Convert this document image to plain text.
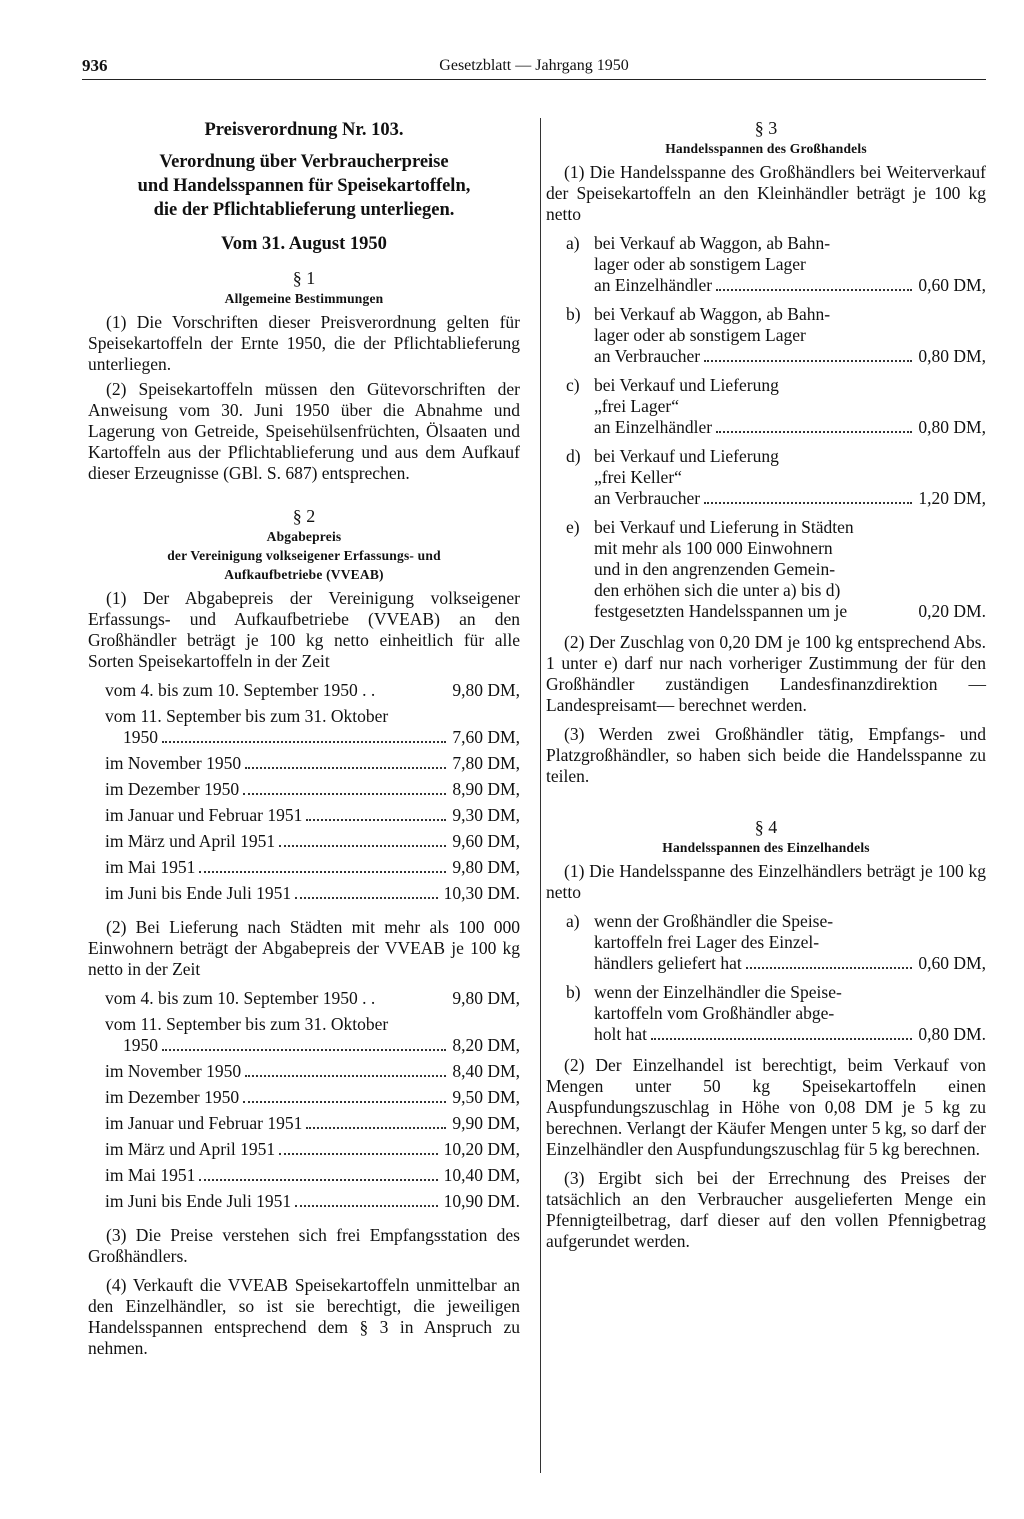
936	Gesetzblatt — Jahrgang 1950
Preisverordnung Nr. 103.
Verordnung über Verbraucherpreise
und Handelsspannen für Speisekartoffeln,
die der Pflichtablieferung unterliegen.
Vom 31. August 1950
§ 1
Allgemeine Bestimmungen

(1) Die Vorschriften dieser Preisverordnung gelten für Speisekartoffeln der Ernte 1950, die der Pflichtablieferung unterliegen.

(2) Speisekartoffeln müssen den Gütevorschriften der Anweisung vom 30. Juni 1950 über die Abnahme und Lagerung von Getreide, Speisehülsenfrüchten, Ölsaaten und Kartoffeln aus der Pflichtablieferung und aus dem Aufkauf dieser Erzeugnisse (GBl. S. 687) entsprechen.

§ 2
Abgabepreis
der Vereinigung volkseigener Erfassungs- und
Aufkaufbetriebe (VVEAB)

(1) Der Abgabepreis der Vereinigung volkseigener Erfassungs- und Aufkaufbetriebe (VVEAB) an den Großhändler beträgt je 100 kg netto einheitlich für alle Sorten Speisekartoffeln in der Zeit

vom 4. bis zum 10. September 1950 . .	9,80 DM,
vom 11. September bis zum 31. Oktober
1950	7,60 DM,
im November 1950	7,80 DM,
im Dezember 1950	8,90 DM,
im Januar und Februar 1951	9,30 DM,
im März und April 1951	9,60 DM,
im Mai 1951	9,80 DM,
im Juni bis Ende Juli 1951	10,30 DM.

(2) Bei Lieferung nach Städten mit mehr als 100 000 Einwohnern beträgt der Abgabepreis der VVEAB je 100 kg netto in der Zeit

vom 4. bis zum 10. September 1950 . .	9,80 DM,
vom 11. September bis zum 31. Oktober
1950	8,20 DM,
im November 1950	8,40 DM,
im Dezember 1950	9,50 DM,
im Januar und Februar 1951	9,90 DM,
im März und April 1951	10,20 DM,
im Mai 1951	10,40 DM,
im Juni bis Ende Juli 1951	10,90 DM.

(3) Die Preise verstehen sich frei Empfangsstation des Großhändlers.

(4) Verkauft die VVEAB Speisekartoffeln unmittelbar an den Einzelhändler, so ist sie berechtigt, die jeweiligen Handelsspannen entsprechend dem § 3 in Anspruch zu nehmen.

§ 3
Handelsspannen des Großhandels

(1) Die Handelsspanne des Großhändlers bei Weiterverkauf der Speisekartoffeln an den Kleinhändler beträgt je 100 kg netto

a) bei Verkauf ab Waggon, ab Bahn-

lager oder ab sonstigem Lager

an Einzelhändler	0,60 DM,
b) bei Verkauf ab Waggon, ab Bahn-

lager oder ab sonstigem Lager

an Verbraucher	0,80 DM,
c) bei Verkauf und Lieferung

„frei Lager“

an Einzelhändler	0,80 DM,
d) bei Verkauf und Lieferung

„frei Keller“

an Verbraucher	1,20 DM,
e) bei Verkauf und Lieferung in Städten

mit mehr als 100 000 Einwohnern

und in den angrenzenden Gemein-

den erhöhen sich die unter a) bis d)

festgesetzten Handelsspannen um je	0,20 DM.

(2) Der Zuschlag von 0,20 DM je 100 kg entsprechend Abs. 1 unter e) darf nur nach vorheriger Zustimmung der für den Großhändler zuständigen Landesfinanzdirektion —Landespreisamt— berechnet werden.

(3) Werden zwei Großhändler tätig, Empfangs- und Platzgroßhändler, so haben sich beide die Handelsspanne zu teilen.

§ 4
Handelsspannen des Einzelhandels

(1) Die Handelsspanne des Einzelhändlers beträgt je 100 kg netto

a) wenn der Großhändler die Speise-

kartoffeln frei Lager des Einzel-

händlers geliefert hat	0,60 DM,
b) wenn der Einzelhändler die Speise-

kartoffeln vom Großhändler abge-

holt hat	0,80 DM.

(2) Der Einzelhandel ist berechtigt, beim Verkauf von Mengen unter 50 kg Speisekartoffeln einen Auspfundungszuschlag in Höhe von 0,08 DM je 5 kg zu berechnen. Verlangt der Käufer Mengen unter 5 kg, so darf der Einzelhändler den Auspfundungszuschlag für 5 kg berechnen.

(3) Ergibt sich bei der Errechnung des Preises der tatsächlich an den Verbraucher ausgelieferten Menge ein Pfennigteilbetrag, darf dieser auf den vollen Pfennigbetrag aufgerundet werden.
